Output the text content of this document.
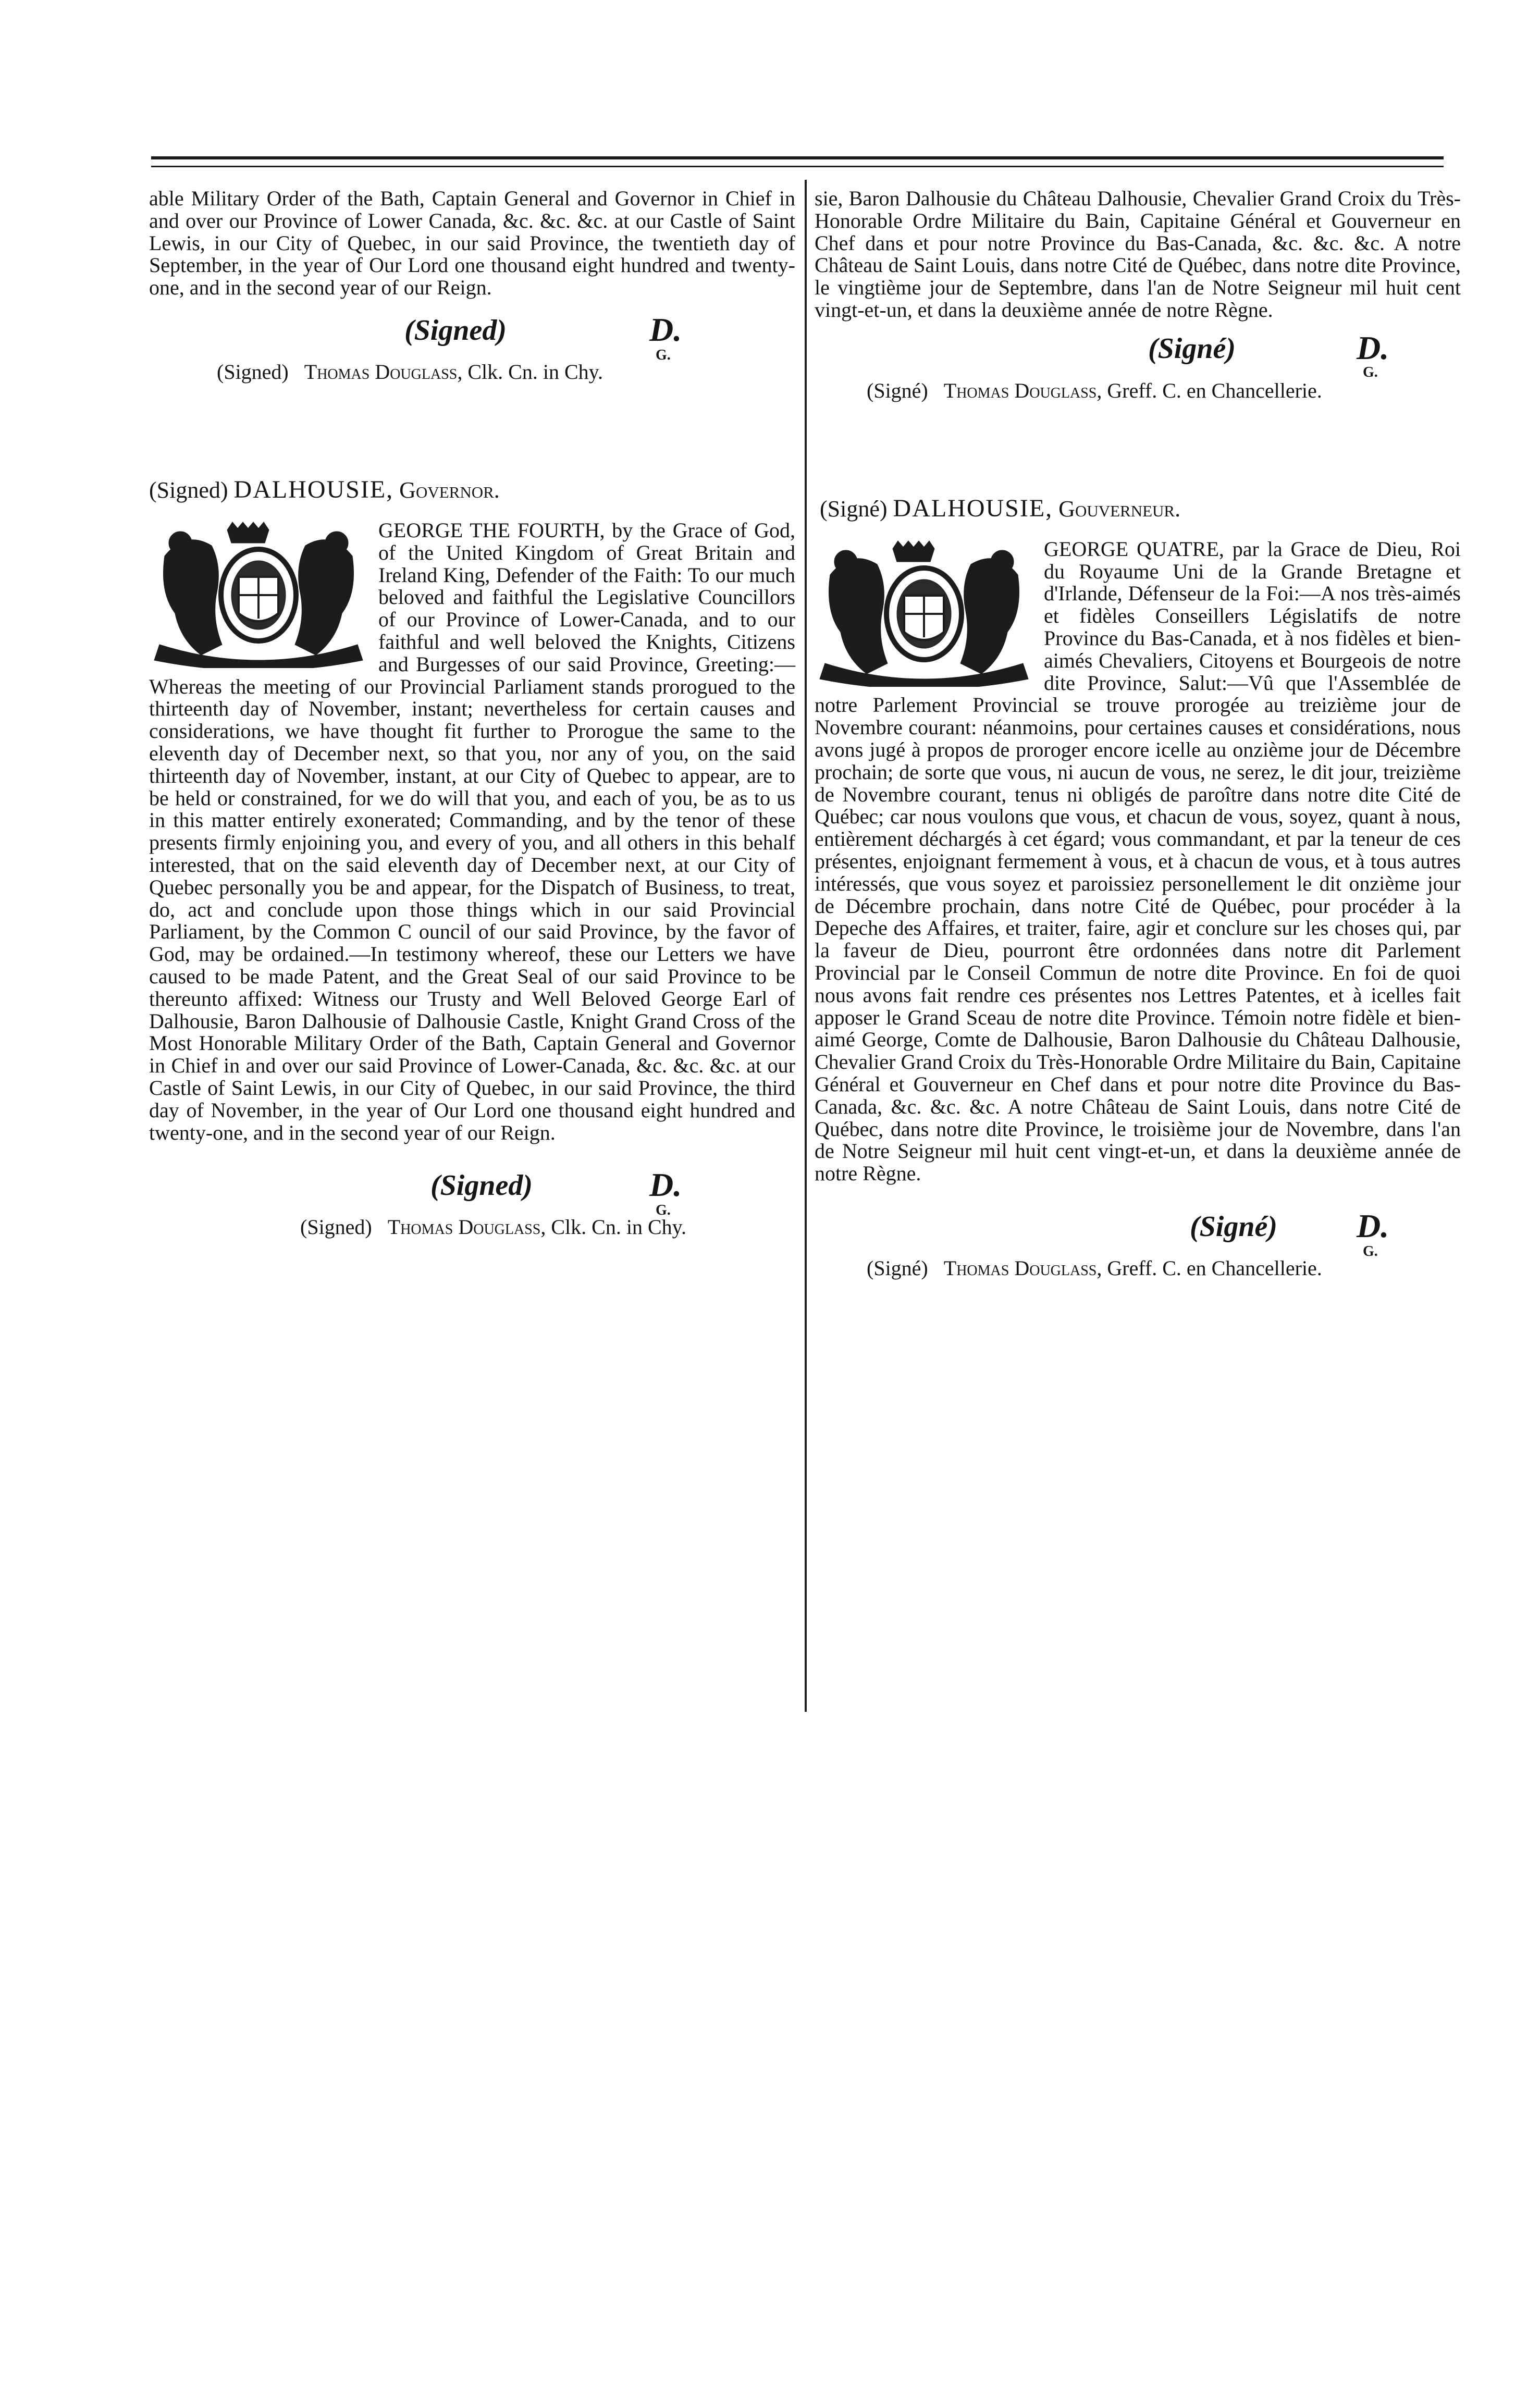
able Military Order of the Bath, Captain General and Governor in Chief in and over our Province of Lower Canada, &c. &c. &c. at our Castle of Saint Lewis, in our City of Quebec, in our said Province, the twentieth day of September, in the year of Our Lord one thousand eight hundred and twenty-one, and in the second year of our Reign.

(Signed)	D.
G.

(Signed) Thomas Douglass, Clk. Cn. in Chy.

(Signed) DALHOUSIE, Governor.

GEORGE THE FOURTH, by the Grace of God, of the United Kingdom of Great Britain and Ireland King, Defender of the Faith: To our much beloved and faithful the Legislative Councillors of our Province of Lower-Canada, and to our faithful and well beloved the Knights, Citizens and Burgesses of our said Province, Greeting:—Whereas the meeting of our Provincial Parliament stands prorogued to the thirteenth day of November, instant; nevertheless for certain causes and considerations, we have thought fit further to Prorogue the same to the eleventh day of December next, so that you, nor any of you, on the said thirteenth day of November, instant, at our City of Quebec to appear, are to be held or constrained, for we do will that you, and each of you, be as to us in this matter entirely exonerated; Commanding, and by the tenor of these presents firmly enjoining you, and every of you, and all others in this behalf interested, that on the said eleventh day of December next, at our City of Quebec personally you be and appear, for the Dispatch of Business, to treat, do, act and conclude upon those things which in our said Provincial Parliament, by the Common C ouncil of our said Province, by the favor of God, may be ordained.—In testimony whereof, these our Letters we have caused to be made Patent, and the Great Seal of our said Province to be thereunto affixed: Witness our Trusty and Well Beloved George Earl of Dalhousie, Baron Dalhousie of Dalhousie Castle, Knight Grand Cross of the Most Honorable Military Order of the Bath, Captain General and Governor in Chief in and over our said Province of Lower-Canada, &c. &c. &c. at our Castle of Saint Lewis, in our City of Quebec, in our said Province, the third day of November, in the year of Our Lord one thousand eight hundred and twenty-one, and in the second year of our Reign.

(Signed)	D.
G.

(Signed) Thomas Douglass, Clk. Cn. in Chy.

sie, Baron Dalhousie du Château Dalhousie, Chevalier Grand Croix du Très-Honorable Ordre Militaire du Bain, Capitaine Général et Gouverneur en Chef dans et pour notre Province du Bas-Canada, &c. &c. &c. A notre Château de Saint Louis, dans notre Cité de Québec, dans notre dite Province, le vingtième jour de Septembre, dans l'an de Notre Seigneur mil huit cent vingt-et-un, et dans la deuxième année de notre Règne.

(Signé)	D.
G.

(Signé) Thomas Douglass, Greff. C. en Chancellerie.

(Signé) DALHOUSIE, Gouverneur.

GEORGE QUATRE, par la Grace de Dieu, Roi du Royaume Uni de la Grande Bretagne et d'Irlande, Défenseur de la Foi:—A nos très-aimés et fidèles Conseillers Législatifs de notre Province du Bas-Canada, et à nos fidèles et bien-aimés Chevaliers, Citoyens et Bourgeois de notre dite Province, Salut:—Vû que l'Assemblée de notre Parlement Provincial se trouve prorogée au treizième jour de Novembre courant: néanmoins, pour certaines causes et considérations, nous avons jugé à propos de proroger encore icelle au onzième jour de Décembre prochain; de sorte que vous, ni aucun de vous, ne serez, le dit jour, treizième de Novembre courant, tenus ni obligés de paroître dans notre dite Cité de Québec; car nous voulons que vous, et chacun de vous, soyez, quant à nous, entièrement déchargés à cet égard; vous commandant, et par la teneur de ces présentes, enjoignant fermement à vous, et à chacun de vous, et à tous autres intéressés, que vous soyez et paroissiez personellement le dit onzième jour de Décembre prochain, dans notre Cité de Québec, pour procéder à la Depeche des Affaires, et traiter, faire, agir et conclure sur les choses qui, par la faveur de Dieu, pourront être ordonnées dans notre dit Parlement Provincial par le Conseil Commun de notre dite Province. En foi de quoi nous avons fait rendre ces présentes nos Lettres Patentes, et à icelles fait apposer le Grand Sceau de notre dite Province. Témoin notre fidèle et bien-aimé George, Comte de Dalhousie, Baron Dalhousie du Château Dalhousie, Chevalier Grand Croix du Très-Honorable Ordre Militaire du Bain, Capitaine Général et Gouverneur en Chef dans et pour notre dite Province du Bas-Canada, &c. &c. &c. A notre Château de Saint Louis, dans notre Cité de Québec, dans notre dite Province, le troisième jour de Novembre, dans l'an de Notre Seigneur mil huit cent vingt-et-un, et dans la deuxième année de notre Règne.

(Signé) D.
G.

(Signé) Thomas Douglass, Greff. C. en Chancellerie.
